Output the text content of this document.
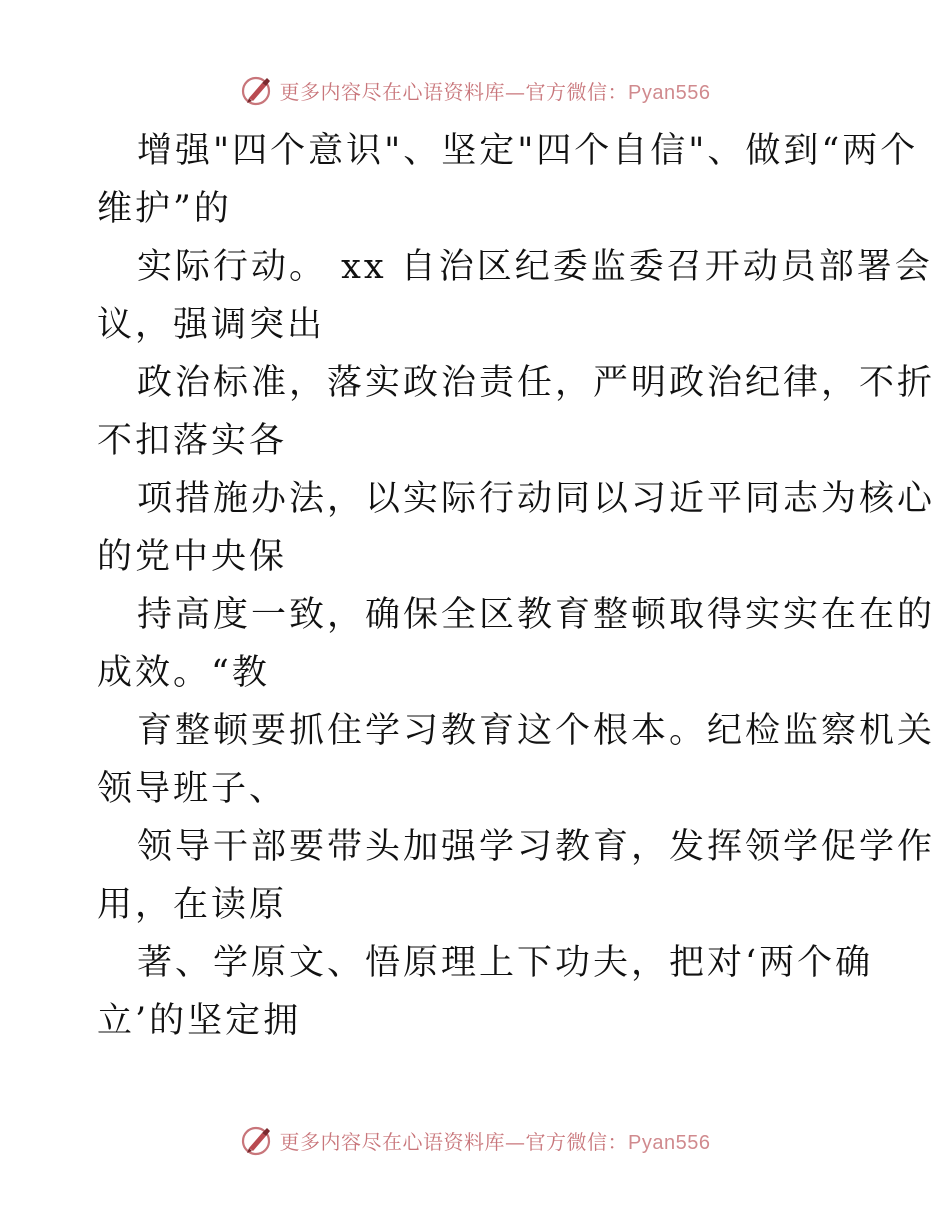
更多内容尽在心语资料库—官方微信：Pyan556
增强"四个意识"、坚定"四个自信"、做到“两个
维护”的
实际行动。 xx 自治区纪委监委召开动员部署会
议，强调突出
政治标准，落实政治责任，严明政治纪律，不折
不扣落实各
项措施办法，以实际行动同以习近平同志为核心
的党中央保
持高度一致，确保全区教育整顿取得实实在在的
成效。“教
育整顿要抓住学习教育这个根本。纪检监察机关
领导班子、
领导干部要带头加强学习教育，发挥领学促学作
用，在读原
著、学原文、悟原理上下功夫，把对‘两个确
立’的坚定拥
更多内容尽在心语资料库—官方微信：Pyan556
